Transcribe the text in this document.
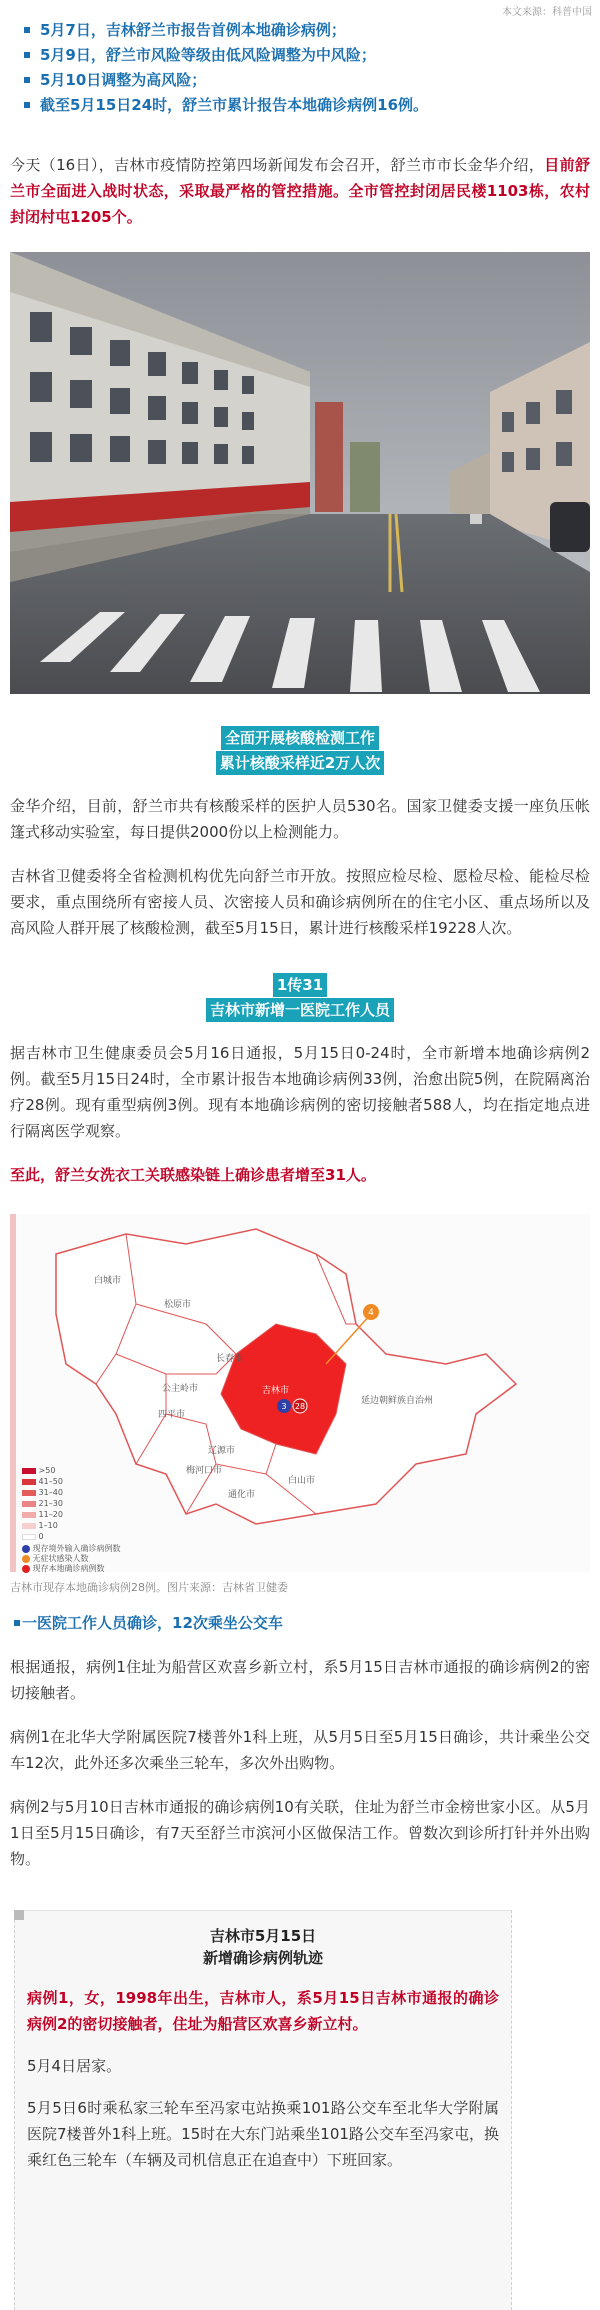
本文来源：科普中国
5月7日，吉林舒兰市报告首例本地确诊病例；
5月9日，舒兰市风险等级由低风险调整为中风险；
5月10日调整为高风险；
截至5月15日24时，舒兰市累计报告本地确诊病例16例。

今天（16日），吉林市疫情防控第四场新闻发布会召开，舒兰市市长金华介绍，目前舒兰市全面进入战时状态，采取最严格的管控措施。全市管控封闭居民楼1103栋，农村封闭村屯1205个。

全面开展核酸检测工作
累计核酸采样近2万人次

金华介绍，目前，舒兰市共有核酸采样的医护人员530名。国家卫健委支援一座负压帐篷式移动实验室，每日提供2000份以上检测能力。

吉林省卫健委将全省检测机构优先向舒兰市开放。按照应检尽检、愿检尽检、能检尽检要求，重点围绕所有密接人员、次密接人员和确诊病例所在的住宅小区、重点场所以及高风险人群开展了核酸检测，截至5月15日，累计进行核酸采样19228人次。

1传31
吉林市新增一医院工作人员

据吉林市卫生健康委员会5月16日通报，5月15日0-24时，全市新增本地确诊病例2例。截至5月15日24时，全市累计报告本地确诊病例33例，治愈出院5例，在院隔离治疗28例。现有重型病例3例。现有本地确诊病例的密切接触者588人，均在指定地点进行隔离医学观察。

至此，舒兰女洗衣工关联感染链上确诊患者增至31人。

4
3 28
白城市
松原市
长春市
公主岭市
四平市
辽源市
梅河口市
通化市
白山市
吉林市
延边朝鲜族自治州
>50
41–50
31–40
21–30
11–20
1–10
0
现存境外输入确诊病例数
无症状感染人数
现存本地确诊病例数
吉林市现存本地确诊病例28例。图片来源：吉林省卫健委
一医院工作人员确诊，12次乘坐公交车

根据通报，病例1住址为船营区欢喜乡新立村，系5月15日吉林市通报的确诊病例2的密切接触者。

病例1在北华大学附属医院7楼普外1科上班，从5月5日至5月15日确诊，共计乘坐公交车12次，此外还多次乘坐三轮车，多次外出购物。

病例2与5月10日吉林市通报的确诊病例10有关联，住址为舒兰市金榜世家小区。从5月1日至5月15日确诊，有7天至舒兰市滨河小区做保洁工作。曾数次到诊所打针并外出购物。

吉林市5月15日
新增确诊病例轨迹

病例1，女，1998年出生，吉林市人，系5月15日吉林市通报的确诊病例2的密切接触者，住址为船营区欢喜乡新立村。

5月4日居家。

5月5日6时乘私家三轮车至冯家屯站换乘101路公交车至北华大学附属医院7楼普外1科上班。15时在大东门站乘坐101路公交车至冯家屯，换乘红色三轮车（车辆及司机信息正在追查中）下班回家。
